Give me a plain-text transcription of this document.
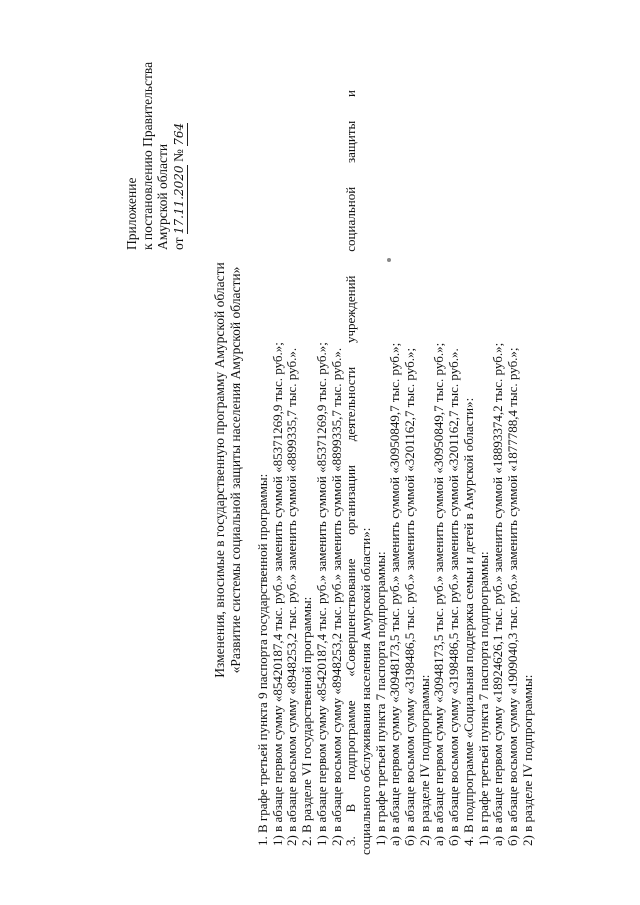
Приложение к постановлению Правительства Амурской области от 17.11.2020 № 764
Изменения, вносимые в государственную программу Амурской области «Развитие системы социальной защиты населения Амурской области» 1. В графе третьей пункта 9 паспорта государственной программы: 1) в абзаце первом сумму «85420187,4 тыс. руб.» заменить суммой «85371269,9 тыс. руб.»; 2) в абзаце восьмом сумму «8948253,2 тыс. руб.» заменить суммой «8899335,7 тыс. руб.». 2. В разделе VI государственной программы: 1) в абзаце первом сумму «85420187,4 тыс. руб.» заменить суммой «85371269,9 тыс. руб.»; 2) в абзаце восьмом сумму «8948253,2 тыс. руб.» заменить суммой «8899335,7 тыс. руб.». 3. В подпрограмме «Совершенствование организации деятельности учреждений социальной защиты и социального обслуживания населения Амурской области»: 1) в графе третьей пункта 7 паспорта подпрограммы: а) в абзаце первом сумму «30948173,5 тыс. руб.» заменить суммой «30950849,7 тыс. руб.»; б) в абзаце восьмом сумму «3198486,5 тыс. руб.» заменить суммой «3201162,7 тыс. руб.»; 2) в разделе IV подпрограммы: а) в абзаце первом сумму «30948173,5 тыс. руб.» заменить суммой «30950849,7 тыс. руб.»; б) в абзаце восьмом сумму «3198486,5 тыс. руб.» заменить суммой «3201162,7 тыс. руб.». 4. В подпрограмме «Социальная поддержка семьи и детей в Амурской области»: 1) в графе третьей пункта 7 паспорта подпрограммы: а) в абзаце первом сумму «18924626,1 тыс. руб.» заменить суммой «18893374,2 тыс. руб.»; б) в абзаце восьмом сумму «1909040,3 тыс. руб.» заменить суммой «1877788,4 тыс. руб.»; 2) в разделе IV подпрограммы:
